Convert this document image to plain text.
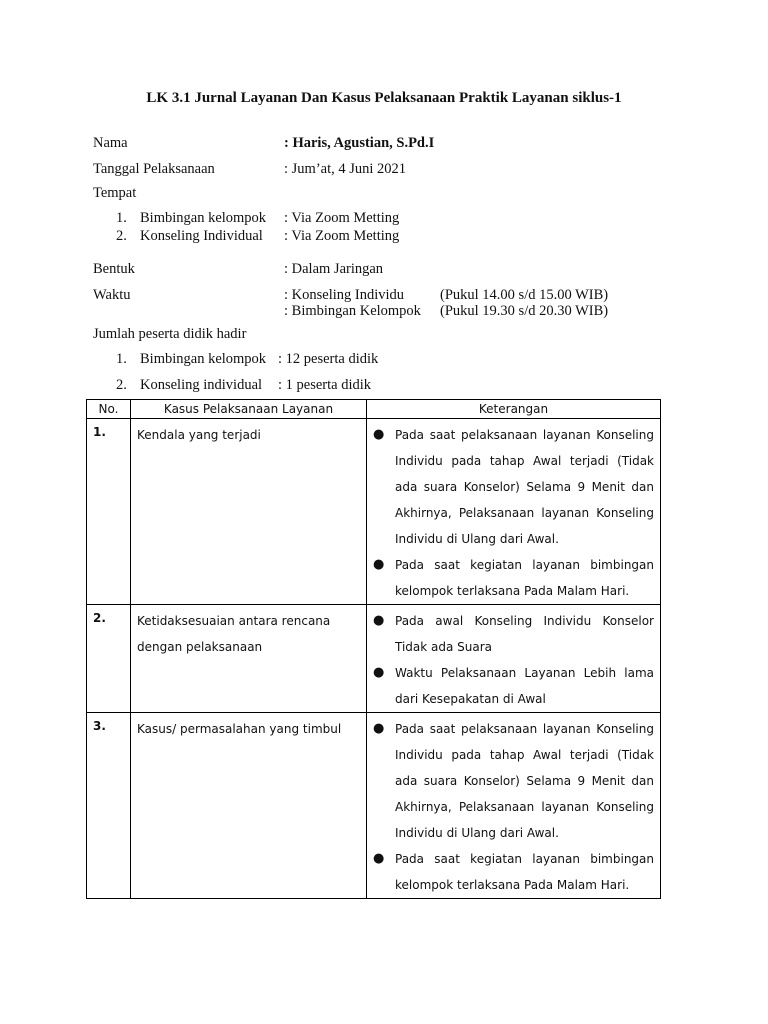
LK 3.1 Jurnal Layanan Dan Kasus Pelaksanaan Praktik Layanan siklus-1
Nama	: Haris, Agustian, S.Pd.I
Tanggal Pelaksanaan	: Jum’at, 4 Juni 2021
Tempat
1. Bimbingan kelompok : Via Zoom Metting
2. Konseling Individual : Via Zoom Metting
Bentuk	: Dalam Jaringan
Waktu	: Konseling Individu (Pukul 14.00 s/d 15.00 WIB)
: Bimbingan Kelompok (Pukul 19.30 s/d 20.30 WIB)
Jumlah peserta didik hadir
1. Bimbingan kelompok : 12 peserta didik
2. Konseling individual : 1 peserta didik
No.	Kasus Pelaksanaan Layanan	Keterangan
1.	Kendala yang terjadi	● Pada saat pelaksanaan layanan Konseling Individu pada tahap Awal terjadi (Tidak ada suara Konselor) Selama 9 Menit dan Akhirnya, Pelaksanaan layanan Konseling Individu di Ulang dari Awal.
● Pada saat kegiatan layanan bimbingan kelompok terlaksana Pada Malam Hari.

2.	Ketidaksesuaian antara rencana dengan pelaksanaan	● Pada awal Konseling Individu Konselor Tidak ada Suara
● Waktu Pelaksanaan Layanan Lebih lama dari Kesepakatan di Awal

3.	Kasus/ permasalahan yang timbul	● Pada saat pelaksanaan layanan Konseling Individu pada tahap Awal terjadi (Tidak ada suara Konselor) Selama 9 Menit dan Akhirnya, Pelaksanaan layanan Konseling Individu di Ulang dari Awal.
● Pada saat kegiatan layanan bimbingan kelompok terlaksana Pada Malam Hari.
